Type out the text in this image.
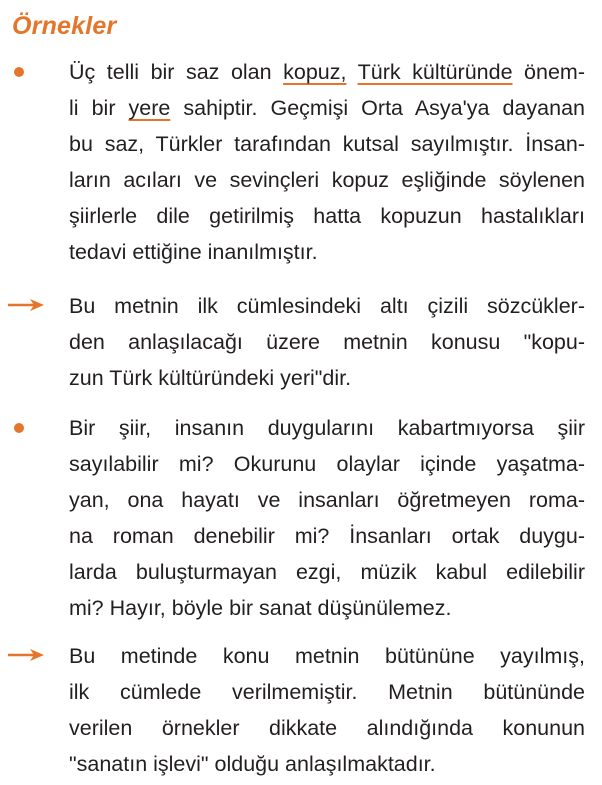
Örnekler
Üç telli bir saz olan kopuz, Türk kültüründe önem-
li bir yere sahiptir. Geçmişi Orta Asya'ya dayanan
bu saz, Türkler tarafından kutsal sayılmıştır. İnsan-
ların acıları ve sevinçleri kopuz eşliğinde söylenen
şiirlerle dile getirilmiş hatta kopuzun hastalıkları
tedavi ettiğine inanılmıştır.
Bu metnin ilk cümlesindeki altı çizili sözcükler-
den anlaşılacağı üzere metnin konusu "kopu-
zun Türk kültüründeki yeri"dir.
Bir şiir, insanın duygularını kabartmıyorsa şiir
sayılabilir mi? Okurunu olaylar içinde yaşatma-
yan, ona hayatı ve insanları öğretmeyen roma-
na roman denebilir mi? İnsanları ortak duygu-
larda buluşturmayan ezgi, müzik kabul edilebilir
mi? Hayır, böyle bir sanat düşünülemez.
Bu metinde konu metnin bütününe yayılmış,
ilk cümlede verilmemiştir. Metnin bütününde
verilen örnekler dikkate alındığında konunun
"sanatın işlevi" olduğu anlaşılmaktadır.
